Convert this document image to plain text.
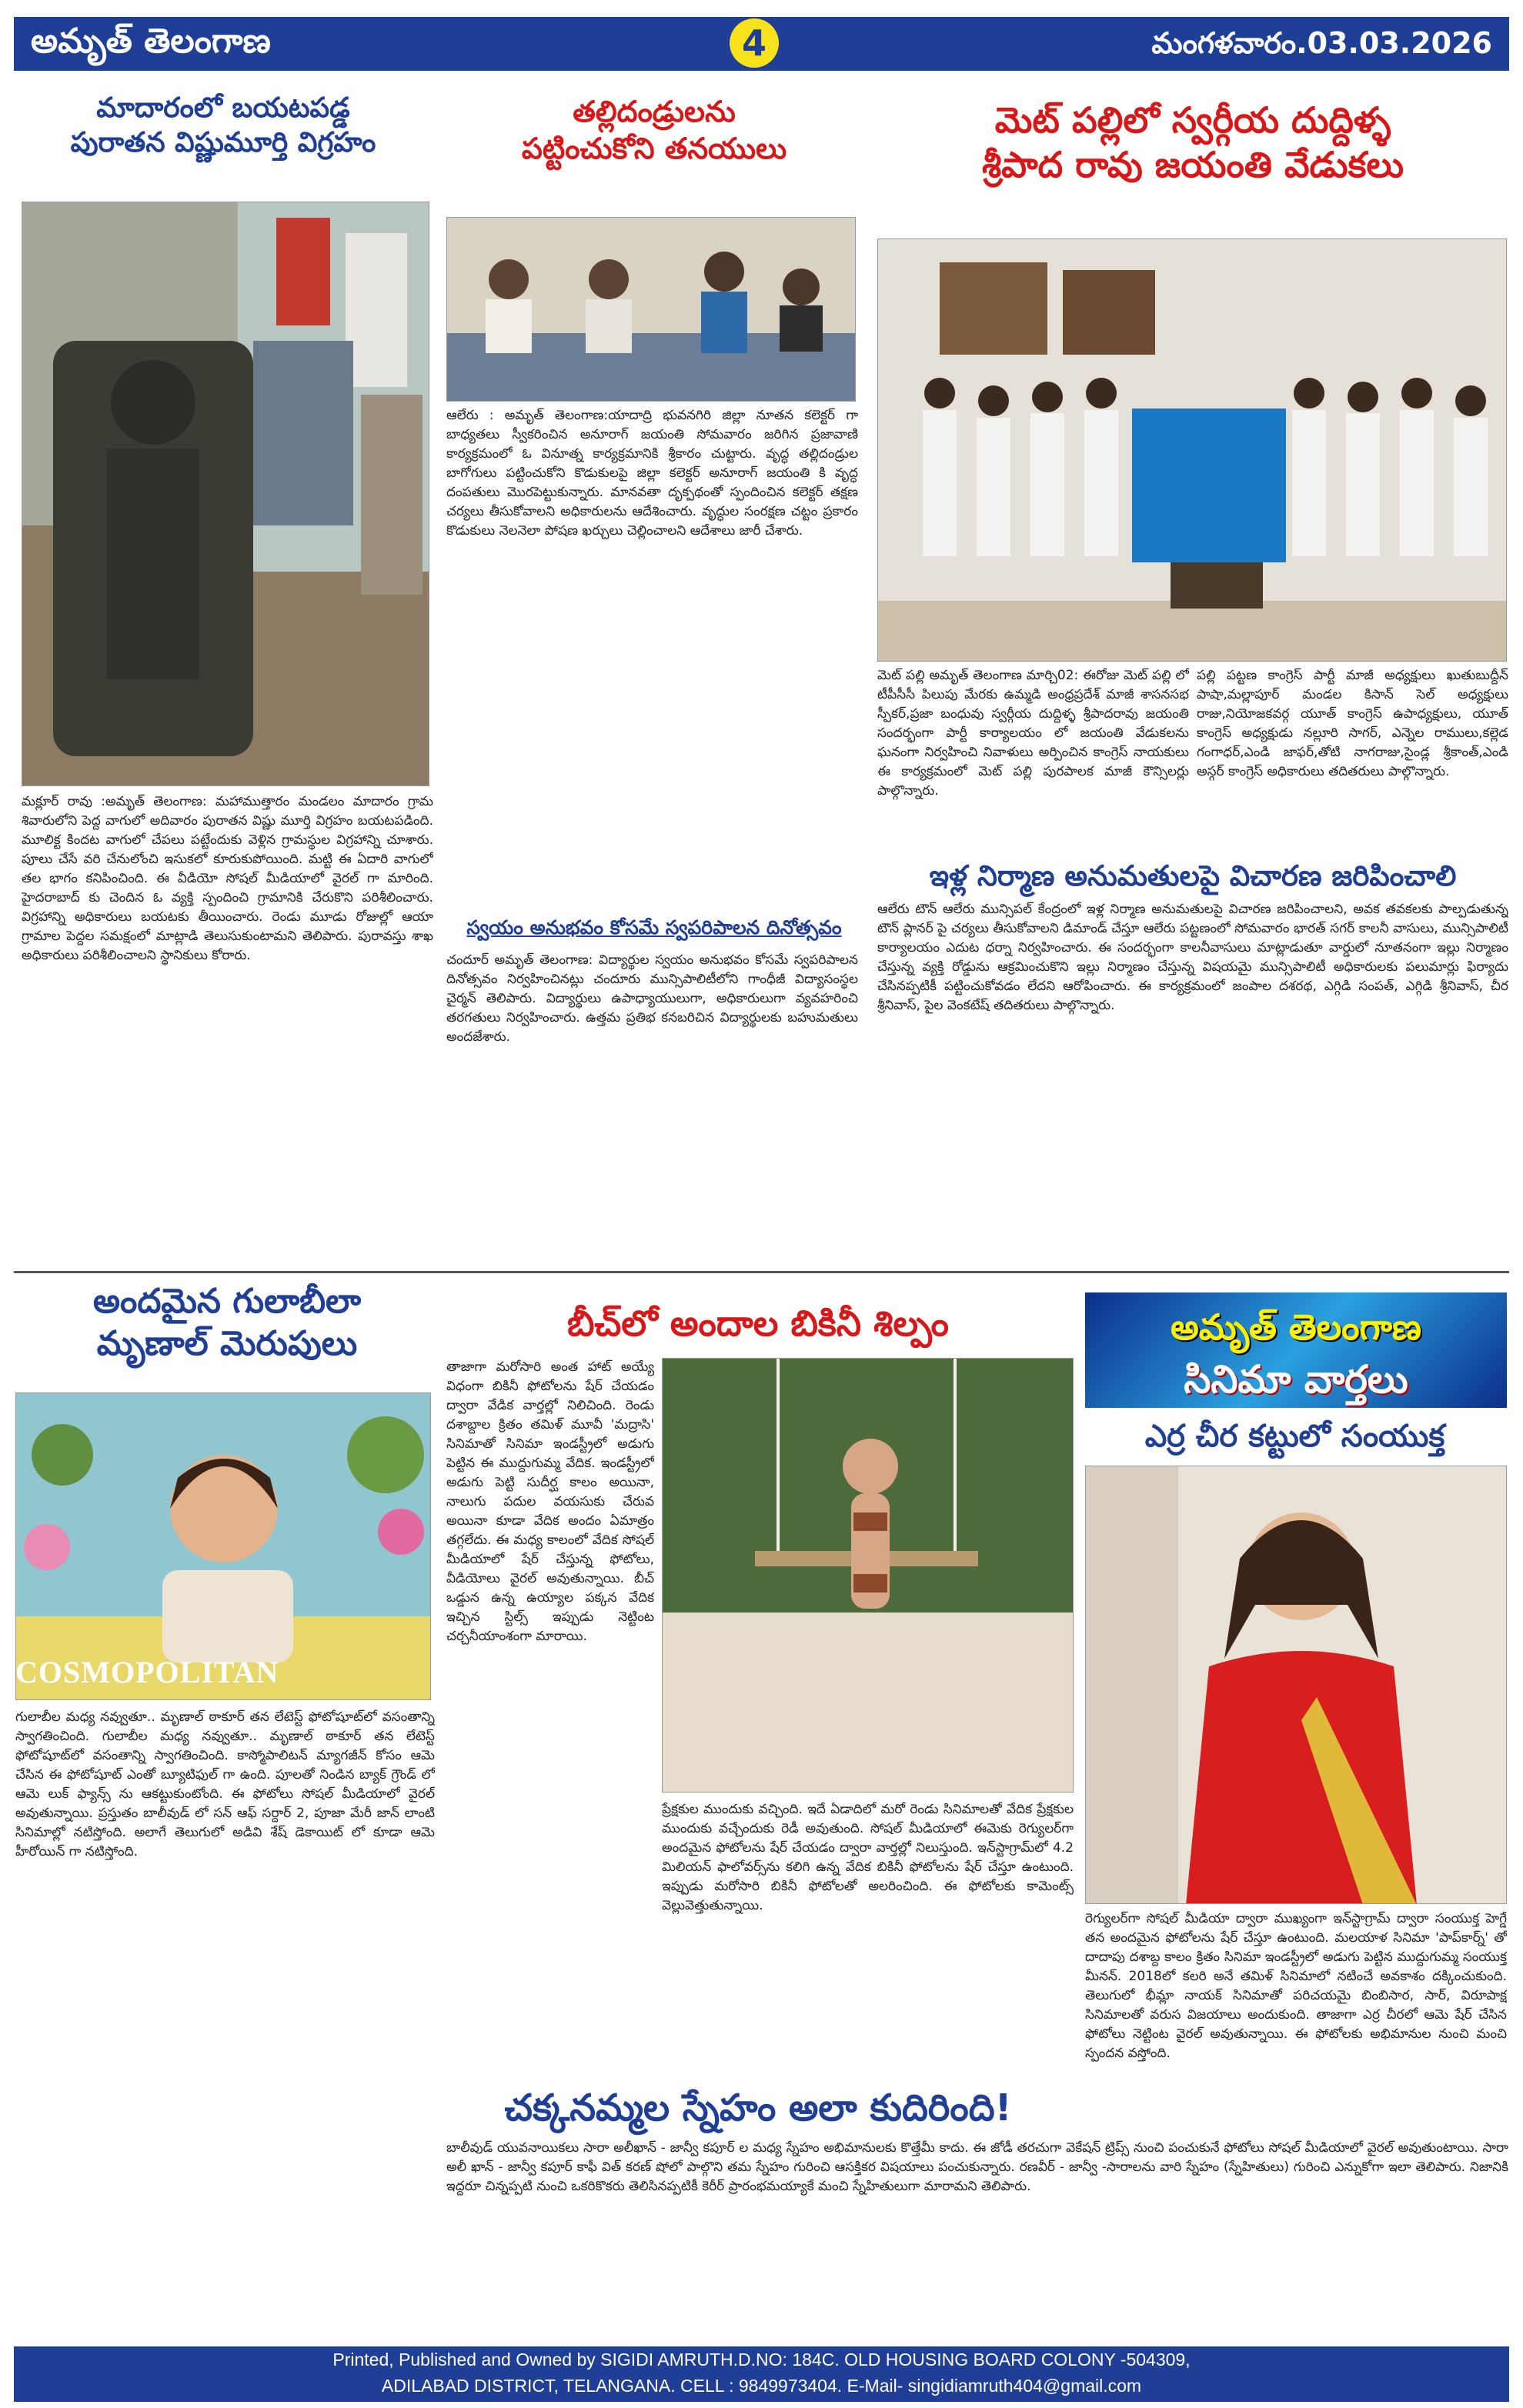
అమృత్ తెలంగాణ	4	మంగళవారం.03.03.2026
మాదారంలో బయటపడ్డ
పురాతన విష్ణుమూర్తి విగ్రహం
మక్లూర్ రావు :అమృత్ తెలంగాణ: మహాముత్తారం మండలం మాదారం గ్రామ శివారులోని పెద్ద వాగులో అదివారం పురాతన విష్ణు మూర్తి విగ్రహం బయటపడింది. మూలిక్ట కిందట వాగులో చేపలు పట్టేందుకు వెళ్లిన గ్రామస్థుల విగ్రహాన్ని చూశారు. పూలు చేసే వరి చేనులోంచి ఇసుకలో కూరుకుపోయింది. మట్టి ఈ ఏదారి వాగులో తల భాగం కనిపించింది. ఈ వీడియో సోషల్ మీడియాలో వైరల్ గా మారింది. హైదరాబాద్ కు చెందిన ఓ వ్యక్తి స్పందించి గ్రామానికి చేరుకొని పరిశీలించారు. విగ్రహాన్ని అధికారులు బయటకు తీయించారు. రెండు మూడు రోజుల్లో ఆయా గ్రామాల పెద్దల సమక్షంలో మాట్లాడి తెలుసుకుంటామని తెలిపారు. పురావస్తు శాఖ అధికారులు పరిశీలించాలని స్థానికులు కోరారు.
తల్లిదండ్రులను
పట్టించుకోని తనయులు
ఆలేరు : అమృత్ తెలంగాణ:యాదాద్రి భువనగిరి జిల్లా నూతన కలెక్టర్ గా బాధ్యతలు స్వీకరించిన అనూరాగ్ జయంతి సోమవారం జరిగిన ప్రజావాణి కార్యక్రమంలో ఓ వినూత్న కార్యక్రమానికి శ్రీకారం చుట్టారు. వృద్ధ తల్లిదండ్రుల బాగోగులు పట్టించుకోని కొడుకులపై జిల్లా కలెక్టర్ అనూరాగ్ జయంతి కి వృద్ధ దంపతులు మొరపెట్టుకున్నారు. మానవతా దృక్పథంతో స్పందించిన కలెక్టర్ తక్షణ చర్యలు తీసుకోవాలని అధికారులను ఆదేశించారు. వృద్ధుల సంరక్షణ చట్టం ప్రకారం కొడుకులు నెలనెలా పోషణ ఖర్చులు చెల్లించాలని ఆదేశాలు జారీ చేశారు.
స్వయం అనుభవం కోసమే స్వపరిపాలన దినోత్సవం
చందూర్ అమృత్ తెలంగాణ: విద్యార్థుల స్వయం అనుభవం కోసమే స్వపరిపాలన దినోత్సవం నిర్వహించినట్లు చందూరు మున్సిపాలిటీలోని గాంధీజీ విద్యాసంస్థల చైర్మన్ తెలిపారు. విద్యార్థులు ఉపాధ్యాయులుగా, అధికారులుగా వ్యవహరించి తరగతులు నిర్వహించారు. ఉత్తమ ప్రతిభ కనబరిచిన విద్యార్థులకు బహుమతులు అందజేశారు.
మెట్ పల్లిలో స్వర్గీయ దుద్దిళ్ళ
శ్రీపాద రావు జయంతి వేడుకలు
మెట్ పల్లి అమృత్ తెలంగాణ మార్చి02: ఈరోజు మెట్ పల్లి లో టీపీసీసీ పిలుపు మేరకు ఉమ్మడి అంధ్రప్రదేశ్ మాజీ శాసనసభ స్పీకర్,ప్రజా బంధువు స్వర్గీయ దుద్దిళ్ళ శ్రీపాదరావు జయంతి సందర్భంగా పార్టీ కార్యాలయం లో జయంతి వేడుకలను ఘనంగా నిర్వహించి నివాళులు అర్పించిన కాంగ్రెస్ నాయకులు ఈ కార్యక్రమంలో మెట్ పల్లి పురపాలక మాజీ కౌన్సిలర్లు పాల్గొన్నారు.
పల్లి పట్టణ కాంగ్రెస్ పార్టీ మాజీ అధ్యక్షులు ఖుతుబుద్దీన్ పాషా,మల్లాపూర్ మండల కిసాన్ సెల్ అధ్యక్షులు రాజు,నియోజకవర్గ యూత్ కాంగ్రెస్ ఉపాధ్యక్షులు, యూత్ కాంగ్రెస్ అధ్యక్షుడు నల్లూరి సాగర్, ఎన్నెల రాములు,కల్లెడ గంగాధర్,ఎండి జాఫర్,తోటి నాగరాజు,సైండ్ల శ్రీకాంత్,ఎండి అస్గర్ కాంగ్రెస్ అధికారులు తదితరులు పాల్గొన్నారు.
ఇళ్ల నిర్మాణ అనుమతులపై విచారణ జరిపించాలి
ఆలేరు టౌన్ ఆలేరు మున్సిపల్ కేంద్రంలో ఇళ్ల నిర్మాణ అనుమతులపై విచారణ జరిపించాలని, అవక తవకలకు పాల్పడుతున్న టౌన్ ప్లానర్ పై చర్యలు తీసుకోవాలని డిమాండ్ చేస్తూ ఆలేరు పట్టణంలో సోమవారం భారత్ సగర్ కాలనీ వాసులు, మున్సిపాలిటీ కార్యాలయం ఎదుట ధర్నా నిర్వహించారు. ఈ సందర్భంగా కాలనీవాసులు మాట్లాడుతూ వార్డులో నూతనంగా ఇల్లు నిర్మాణం చేస్తున్న వ్యక్తి రోడ్డును ఆక్రమించుకొని ఇల్లు నిర్మాణం చేస్తున్న విషయమై మున్సిపాలిటీ అధికారులకు పలుమార్లు ఫిర్యాదు చేసినప్పటికీ పట్టించుకోవడం లేదని ఆరోపించారు. ఈ కార్యక్రమంలో జంపాల దశరథ, ఎగ్గిడి సంపత్, ఎగ్గిడి శ్రీనివాస్, చీర శ్రీనివాస్, పైల వెంకటేష్ తదితరులు పాల్గొన్నారు.
అందమైన గులాబీలా
మృణాల్ మెరుపులు
COSMOPOLITAN
గులాబీల మధ్య నవ్వుతూ.. మృణాల్ ఠాకూర్ తన లేటెస్ట్ ఫోటోషూట్‌లో వసంతాన్ని స్వాగతించింది. గులాబీల మధ్య నవ్వుతూ.. మృణాల్ ఠాకూర్ తన లేటెస్ట్ ఫోటోషూట్‌లో వసంతాన్ని స్వాగతించింది. కాస్మోపాలిటన్ మ్యాగజీన్ కోసం ఆమె చేసిన ఈ ఫోటోషూట్ ఎంతో బ్యూటిఫుల్ గా ఉంది. పూలతో నిండిన బ్యాక్ గ్రౌండ్ లో ఆమె లుక్ ఫ్యాన్స్ ను ఆకట్టుకుంటోంది. ఈ ఫోటోలు సోషల్ మీడియాలో వైరల్ అవుతున్నాయి. ప్రస్తుతం బాలీవుడ్ లో సన్ ఆఫ్ సర్దార్ 2, పూజా మేరీ జాన్ లాంటి సినిమాల్లో నటిస్తోంది. అలాగే తెలుగులో అడివి శేష్ డెకాయిట్ లో కూడా ఆమె హీరోయిన్ గా నటిస్తోంది.
బీచ్‌లో అందాల బికినీ శిల్పం
తాజాగా మరోసారి అంత హాట్ అయ్యే విధంగా బికినీ ఫోటోలను షేర్ చేయడం ద్వారా వేడిక వార్తల్లో నిలిచింది. రెండు దశాబ్దాల క్రితం తమిళ్ మూవీ 'మద్రాసి' సినిమాతో సినిమా ఇండస్ట్రీలో అడుగు పెట్టిన ఈ ముద్దుగుమ్మ వేదిక. ఇండస్ట్రీలో అడుగు పెట్టి సుదీర్ఘ కాలం అయినా, నాలుగు పదుల వయసుకు చేరువ అయినా కూడా వేదిక అందం ఏమాత్రం తగ్గలేదు. ఈ మధ్య కాలంలో వేదిక సోషల్ మీడియాలో షేర్ చేస్తున్న ఫోటోలు, వీడియోలు వైరల్ అవుతున్నాయి. బీచ్ ఒడ్డున ఉన్న ఉయ్యాల పక్కన వేదిక ఇచ్చిన స్టిల్స్ ఇప్పుడు నెట్టింట చర్చనీయాంశంగా మారాయి.
ప్రేక్షకుల ముందుకు వచ్చింది. ఇదే ఏడాదిలో మరో రెండు సినిమాలతో వేదిక ప్రేక్షకుల ముందుకు వచ్చేందుకు రెడీ అవుతుంది. సోషల్ మీడియాలో ఈమెకు రెగ్యులర్‌గా అందమైన ఫోటోలను షేర్ చేయడం ద్వారా వార్తల్లో నిలుస్తుంది. ఇన్‌స్టాగ్రామ్‌లో 4.2 మిలియన్ ఫాలోవర్స్‌ను కలిగి ఉన్న వేదిక బికినీ ఫోటోలను షేర్ చేస్తూ ఉంటుంది. ఇప్పుడు మరోసారి బికినీ ఫోటోలతో అలరించింది. ఈ ఫోటోలకు కామెంట్స్ వెల్లువెత్తుతున్నాయి.
అమృత్ తెలంగాణ
సినిమా వార్తలు
ఎర్ర చీర కట్టులో సంయుక్త
రెగ్యులర్‌గా సోషల్ మీడియా ద్వారా ముఖ్యంగా ఇన్‌స్టాగ్రామ్ ద్వారా సంయుక్త హెగ్డే తన అందమైన ఫోటోలను షేర్ చేస్తూ ఉంటుంది. మలయాళ సినిమా 'పాప్‌కార్న్' తో దాదాపు దశాబ్ద కాలం క్రితం సినిమా ఇండస్ట్రీలో అడుగు పెట్టిన ముద్దుగుమ్మ సంయుక్త మీనన్. 2018లో కలరి అనే తమిళ్ సినిమాలో నటించే అవకాశం దక్కించుకుంది. తెలుగులో భీమ్లా నాయక్ సినిమాతో పరిచయమై బింబిసార, సార్, విరూపాక్ష సినిమాలతో వరుస విజయాలు అందుకుంది. తాజాగా ఎర్ర చీరలో ఆమె షేర్ చేసిన ఫోటోలు నెట్టింట వైరల్ అవుతున్నాయి. ఈ ఫోటోలకు అభిమానుల నుంచి మంచి స్పందన వస్తోంది.
చక్కనమ్మల స్నేహం అలా కుదిరింది!
బాలీవుడ్ యువనాయికలు సారా అలీఖాన్ - జాన్వీ కపూర్ ల మధ్య స్నేహం అభిమానులకు కొత్తేమీ కాదు. ఈ జోడీ తరచుగా వెకేషన్ ట్రిప్స్ నుంచి పంచుకునే ఫోటోలు సోషల్ మీడియాలో వైరల్ అవుతుంటాయి. సారా అలీ ఖాన్ - జాన్వీ కపూర్ కాఫీ విత్ కరణ్ షోలో పాల్గొని తమ స్నేహం గురించి ఆసక్తికర విషయాలు పంచుకున్నారు. రణవీర్ - జాన్వీ -సారాలను వారి స్నేహం (స్నేహితులు) గురించి ఎన్నుకోగా ఇలా తెలిపారు. నిజానికి ఇద్దరూ చిన్నప్పటి నుంచి ఒకరికొకరు తెలిసినప్పటికీ కెరీర్ ప్రారంభమయ్యాకే మంచి స్నేహితులుగా మారామని తెలిపారు.
Printed, Published and Owned by SIGIDI AMRUTH.D.NO: 184C. OLD HOUSING BOARD COLONY -504309,
ADILABAD DISTRICT, TELANGANA. CELL : 9849973404. E-Mail- singidiamruth404@gmail.com
